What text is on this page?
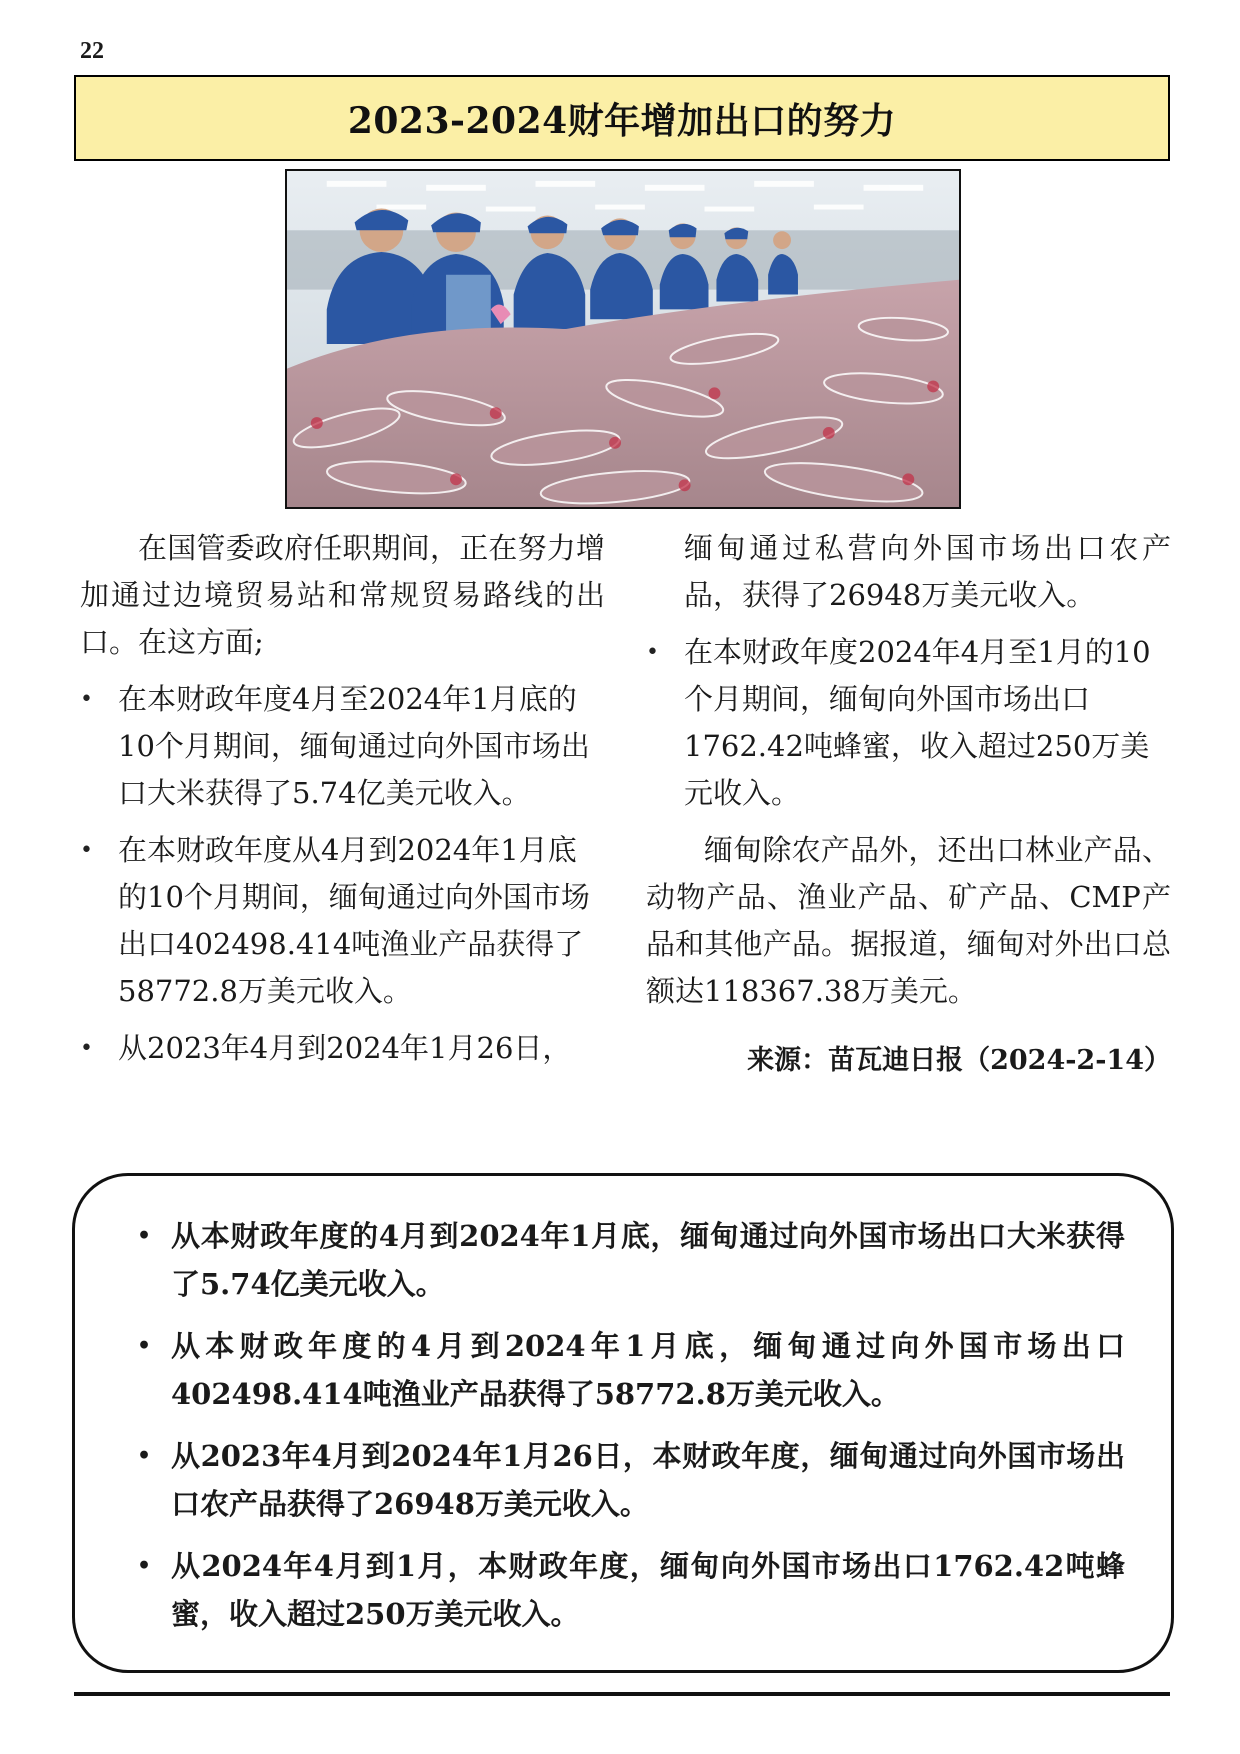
22
2023-2024财年增加出口的努力

在国管委政府任职期间，正在努力增加通过边境贸易站和常规贸易路线的出口。在这方面;

• 在本财政年度4月至2024年1月底的10个月期间，缅甸通过向外国市场出口大米获得了5.74亿美元收入。

• 在本财政年度从4月到2024年1月底的10个月期间，缅甸通过向外国市场出口402498.414吨渔业产品获得了58772.8万美元收入。

• 从2023年4月到2024年1月26日，

缅甸通过私营向外国市场出口农产品，获得了26948万美元收入。

• 在本财政年度2024年4月至1月的10个月期间，缅甸向外国市场出口1762.42吨蜂蜜，收入超过250万美元收入。

缅甸除农产品外，还出口林业产品、动物产品、渔业产品、矿产品、CMP产品和其他产品。据报道，缅甸对外出口总额达118367.38万美元。

来源：苗瓦迪日报（2024-2-14）

• 从本财政年度的4月到2024年1月底，缅甸通过向外国市场出口大米获得了5.74亿美元收入。

• 从本财政年度的4月到2024年1月底，缅甸通过向外国市场出口402498.414吨渔业产品获得了58772.8万美元收入。

• 从2023年4月到2024年1月26日，本财政年度，缅甸通过向外国市场出口农产品获得了26948万美元收入。

• 从2024年4月到1月，本财政年度，缅甸向外国市场出口1762.42吨蜂蜜，收入超过250万美元收入。
